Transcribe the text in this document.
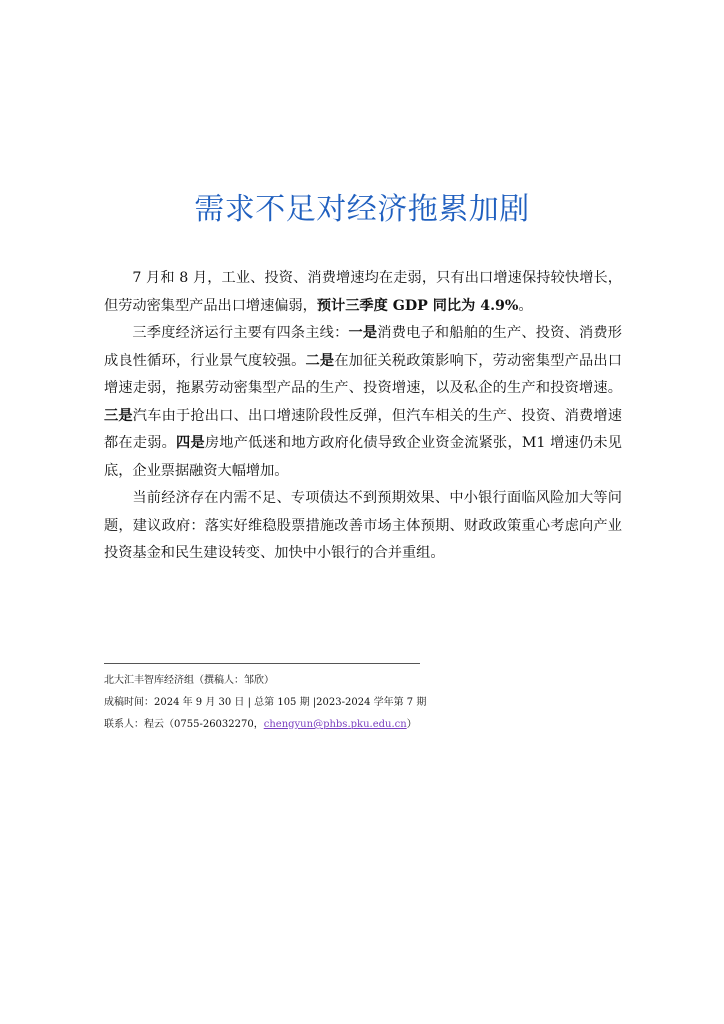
需求不足对经济拖累加剧

7 月和 8 月，工业、投资、消费增速均在走弱，只有出口增速保持较快增长，但劳动密集型产品出口增速偏弱，预计三季度 GDP 同比为 4.9%。

三季度经济运行主要有四条主线：一是消费电子和船舶的生产、投资、消费形成良性循环，行业景气度较强。二是在加征关税政策影响下，劳动密集型产品出口增速走弱，拖累劳动密集型产品的生产、投资增速，以及私企的生产和投资增速。三是汽车由于抢出口、出口增速阶段性反弹，但汽车相关的生产、投资、消费增速都在走弱。四是房地产低迷和地方政府化债导致企业资金流紧张，M1 增速仍未见底，企业票据融资大幅增加。

当前经济存在内需不足、专项债达不到预期效果、中小银行面临风险加大等问题，建议政府：落实好维稳股票措施改善市场主体预期、财政政策重心考虑向产业投资基金和民生建设转变、加快中小银行的合并重组。

北大汇丰智库经济组（撰稿人：邹欣）
成稿时间：2024 年 9 月 30 日 | 总第 105 期 |2023-2024 学年第 7 期
联系人：程云（0755-26032270，chengyun@phbs.pku.edu.cn）
